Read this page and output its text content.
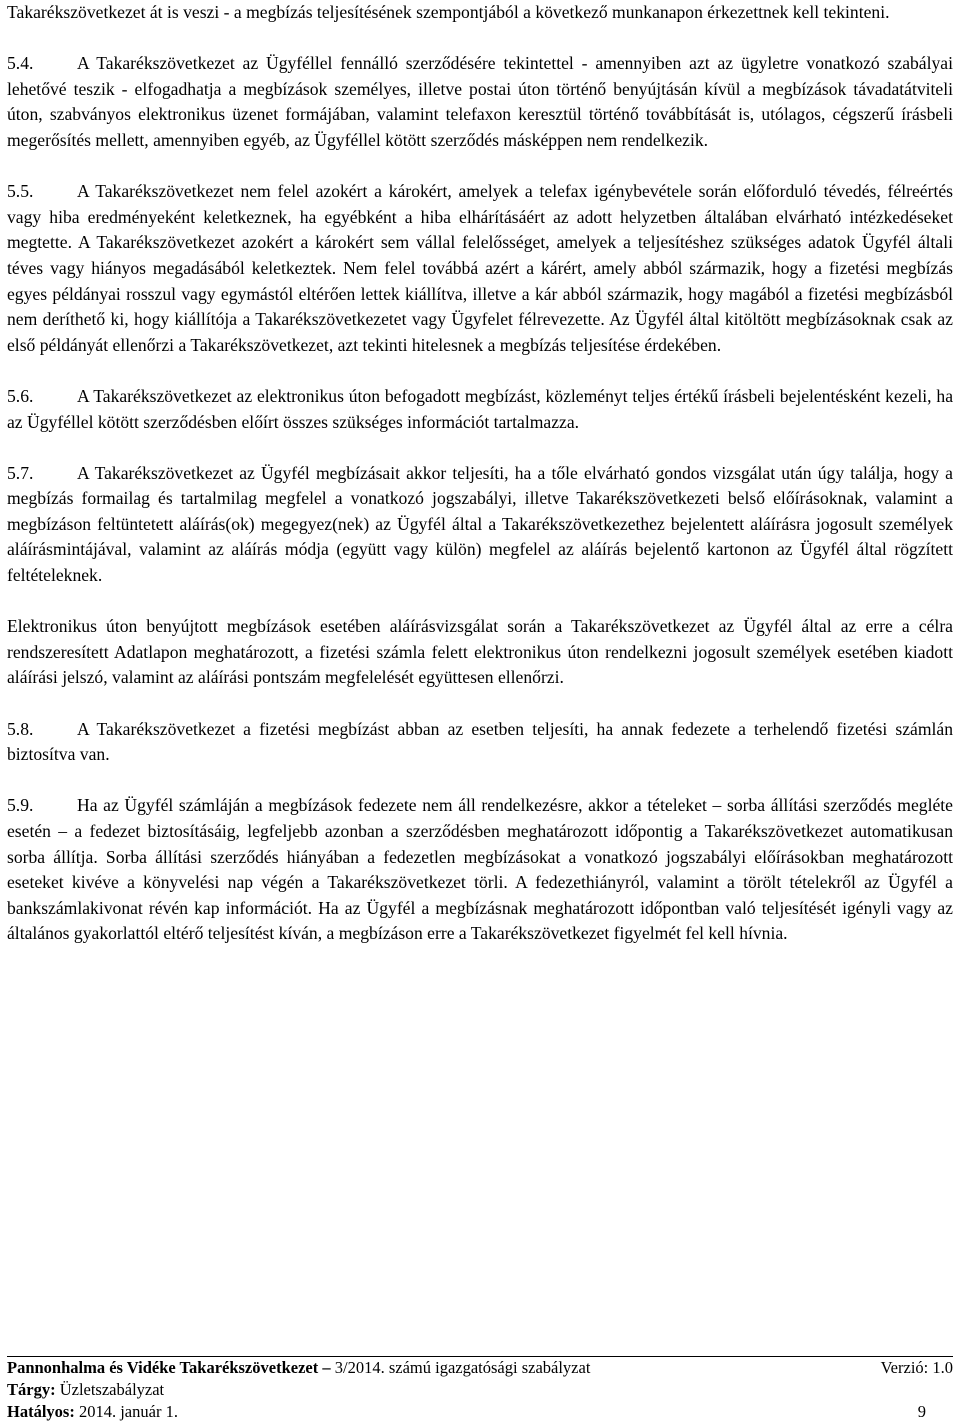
Takarékszövetkezet át is veszi - a megbízás teljesítésének szempontjából a következő munkanapon érkezettnek kell tekinteni.

5.4. A Takarékszövetkezet az Ügyféllel fennálló szerződésére tekintettel - amennyiben azt az ügyletre vonatkozó szabályai lehetővé teszik - elfogadhatja a megbízások személyes, illetve postai úton történő benyújtásán kívül a megbízások távadatátviteli úton, szabványos elektronikus üzenet formájában, valamint telefaxon keresztül történő továbbítását is, utólagos, cégszerű írásbeli megerősítés mellett, amennyiben egyéb, az Ügyféllel kötött szerződés másképpen nem rendelkezik.

5.5. A Takarékszövetkezet nem felel azokért a károkért, amelyek a telefax igénybevétele során előforduló tévedés, félreértés vagy hiba eredményeként keletkeznek, ha egyébként a hiba elhárításáért az adott helyzetben általában elvárható intézkedéseket megtette. A Takarékszövetkezet azokért a károkért sem vállal felelősséget, amelyek a teljesítéshez szükséges adatok Ügyfél általi téves vagy hiányos megadásából keletkeztek. Nem felel továbbá azért a kárért, amely abból származik, hogy a fizetési megbízás egyes példányai rosszul vagy egymástól eltérően lettek kiállítva, illetve a kár abból származik, hogy magából a fizetési megbízásból nem deríthető ki, hogy kiállítója a Takarékszövetkezetet vagy Ügyfelet félrevezette. Az Ügyfél által kitöltött megbízásoknak csak az első példányát ellenőrzi a Takarékszövetkezet, azt tekinti hitelesnek a megbízás teljesítése érdekében.

5.6. A Takarékszövetkezet az elektronikus úton befogadott megbízást, közleményt teljes értékű írásbeli bejelentésként kezeli, ha az Ügyféllel kötött szerződésben előírt összes szükséges információt tartalmazza.

5.7. A Takarékszövetkezet az Ügyfél megbízásait akkor teljesíti, ha a tőle elvárható gondos vizsgálat után úgy találja, hogy a megbízás formailag és tartalmilag megfelel a vonatkozó jogszabályi, illetve Takarékszövetkezeti belső előírásoknak, valamint a megbízáson feltüntetett aláírás(ok) megegyez(nek) az Ügyfél által a Takarékszövetkezethez bejelentett aláírásra jogosult személyek aláírásmintájával, valamint az aláírás módja (együtt vagy külön) megfelel az aláírás bejelentő kartonon az Ügyfél által rögzített feltételeknek.

Elektronikus úton benyújtott megbízások esetében aláírásvizsgálat során a Takarékszövetkezet az Ügyfél által az erre a célra rendszeresített Adatlapon meghatározott, a fizetési számla felett elektronikus úton rendelkezni jogosult személyek esetében kiadott aláírási jelszó, valamint az aláírási pontszám megfelelését együttesen ellenőrzi.

5.8. A Takarékszövetkezet a fizetési megbízást abban az esetben teljesíti, ha annak fedezete a terhelendő fizetési számlán biztosítva van.

5.9. Ha az Ügyfél számláján a megbízások fedezete nem áll rendelkezésre, akkor a tételeket – sorba állítási szerződés megléte esetén – a fedezet biztosításáig, legfeljebb azonban a szerződésben meghatározott időpontig a Takarékszövetkezet automatikusan sorba állítja. Sorba állítási szerződés hiányában a fedezetlen megbízásokat a vonatkozó jogszabályi előírásokban meghatározott eseteket kivéve a könyvelési nap végén a Takarékszövetkezet törli. A fedezethiányról, valamint a törölt tételekről az Ügyfél a bankszámlakivonat révén kap információt. Ha az Ügyfél a megbízásnak meghatározott időpontban való teljesítését igényli vagy az általános gyakorlattól eltérő teljesítést kíván, a megbízáson erre a Takarékszövetkezet figyelmét fel kell hívnia.

Pannonhalma és Vidéke Takarékszövetkezet – 3/2014. számú igazgatósági szabályzat	Verzió: 1.0
Tárgy: Üzletszabályzat
Hatályos: 2014. január 1.	9
